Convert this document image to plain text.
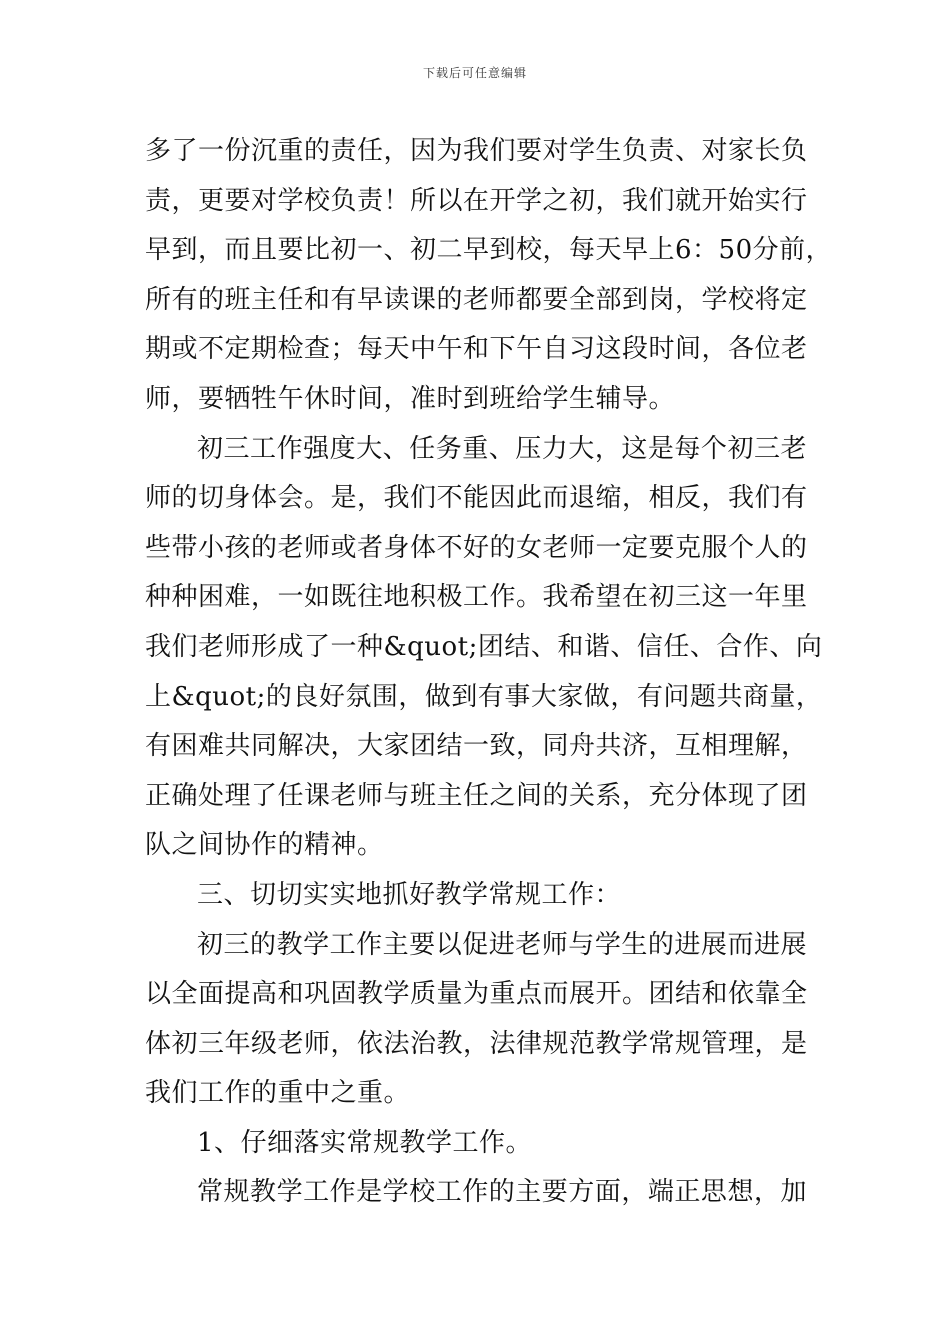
下载后可任意编辑
多了一份沉重的责任，因为我们要对学生负责、对家长负
责，更要对学校负责！所以在开学之初，我们就开始实行
早到，而且要比初一、初二早到校，每天早上6：50分前，
所有的班主任和有早读课的老师都要全部到岗，学校将定
期或不定期检查；每天中午和下午自习这段时间，各位老
师，要牺牲午休时间，准时到班给学生辅导。
初三工作强度大、任务重、压力大，这是每个初三老
师的切身体会。是，我们不能因此而退缩，相反，我们有
些带小孩的老师或者身体不好的女老师一定要克服个人的
种种困难，一如既往地积极工作。我希望在初三这一年里
我们老师形成了一种&quot;团结、和谐、信任、合作、向
上&quot;的良好氛围，做到有事大家做，有问题共商量，
有困难共同解决，大家团结一致，同舟共济，互相理解，
正确处理了任课老师与班主任之间的关系，充分体现了团
队之间协作的精神。
三、切切实实地抓好教学常规工作：
初三的教学工作主要以促进老师与学生的进展而进展
以全面提高和巩固教学质量为重点而展开。团结和依靠全
体初三年级老师，依法治教，法律规范教学常规管理，是
我们工作的重中之重。
1、仔细落实常规教学工作。
常规教学工作是学校工作的主要方面，端正思想，加
